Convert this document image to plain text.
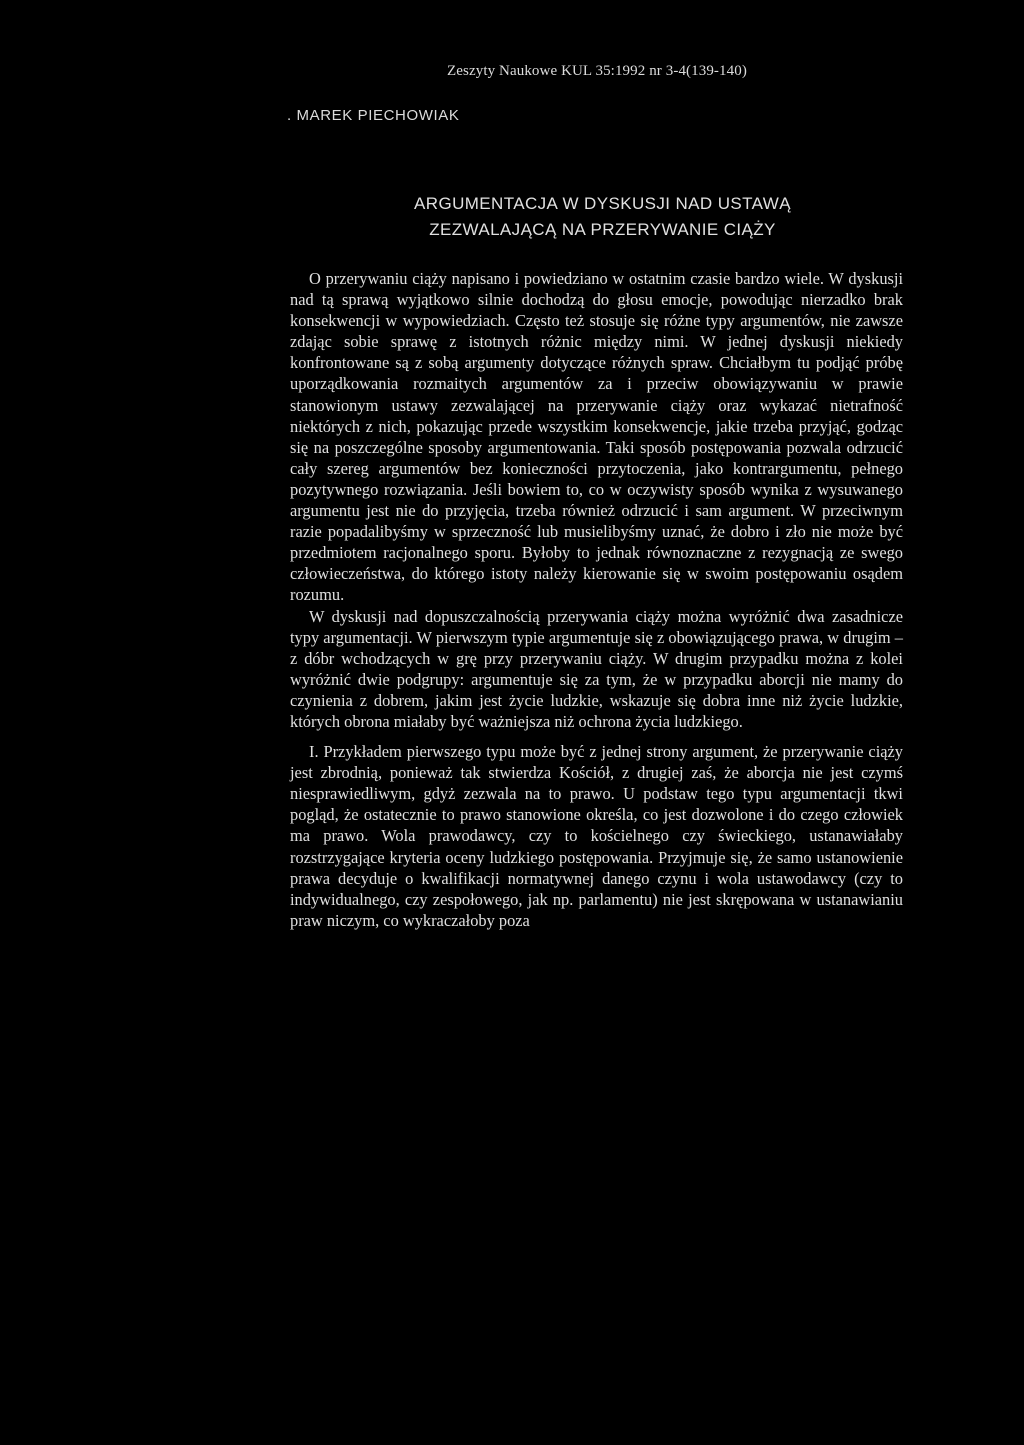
Zeszyty Naukowe KUL 35:1992 nr 3-4(139-140)
. MAREK PIECHOWIAK
ARGUMENTACJA W DYSKUSJI NAD USTAWĄ
ZEZWALAJĄCĄ NA PRZERYWANIE CIĄŻY

O przerywaniu ciąży napisano i powiedziano w ostatnim czasie bardzo wiele. W dyskusji nad tą sprawą wyjątkowo silnie dochodzą do głosu emocje, powodując nierzadko brak konsekwencji w wypowiedziach. Często też stosuje się różne typy argumentów, nie zawsze zdając sobie sprawę z istotnych różnic między nimi. W jednej dyskusji niekiedy konfrontowane są z sobą argumenty dotyczące różnych spraw. Chciałbym tu podjąć próbę uporządkowania rozmaitych argumentów za i przeciw obowiązywaniu w prawie stanowionym ustawy zezwalającej na przerywanie ciąży oraz wykazać nietrafność niektórych z nich, pokazując przede wszystkim konsekwencje, jakie trzeba przyjąć, godząc się na poszczególne sposoby argumentowania. Taki sposób postępowania pozwala odrzucić cały szereg argumentów bez konieczności przytoczenia, jako kontrargumentu, pełnego pozytywnego rozwiązania. Jeśli bowiem to, co w oczywisty sposób wynika z wysuwanego argumentu jest nie do przyjęcia, trzeba również odrzucić i sam argument. W przeciwnym razie popadalibyśmy w sprzeczność lub musielibyśmy uznać, że dobro i zło nie może być przedmiotem racjonalnego sporu. Byłoby to jednak równoznaczne z rezygnacją ze swego człowieczeństwa, do którego istoty należy kierowanie się w swoim postępowaniu osądem rozumu.

W dyskusji nad dopuszczalnością przerywania ciąży można wyróżnić dwa zasadnicze typy argumentacji. W pierwszym typie argumentuje się z obowiązującego prawa, w drugim – z dóbr wchodzących w grę przy przerywaniu ciąży. W drugim przypadku można z kolei wyróżnić dwie podgrupy: argumentuje się za tym, że w przypadku aborcji nie mamy do czynienia z dobrem, jakim jest życie ludzkie, wskazuje się dobra inne niż życie ludzkie, których obrona miałaby być ważniejsza niż ochrona życia ludzkiego.

I. Przykładem pierwszego typu może być z jednej strony argument, że przerywanie ciąży jest zbrodnią, ponieważ tak stwierdza Kościół, z drugiej zaś, że aborcja nie jest czymś niesprawiedliwym, gdyż zezwala na to prawo. U podstaw tego typu argumentacji tkwi pogląd, że ostatecznie to prawo stanowione określa, co jest dozwolone i do czego człowiek ma prawo. Wola prawodawcy, czy to kościelnego czy świeckiego, ustanawiałaby rozstrzygające kryteria oceny ludzkiego postępowania. Przyjmuje się, że samo ustanowienie prawa decyduje o kwalifikacji normatywnej danego czynu i wola ustawodawcy (czy to indywidualnego, czy zespołowego, jak np. parlamentu) nie jest skrępowana w ustanawianiu praw niczym, co wykraczałoby poza
